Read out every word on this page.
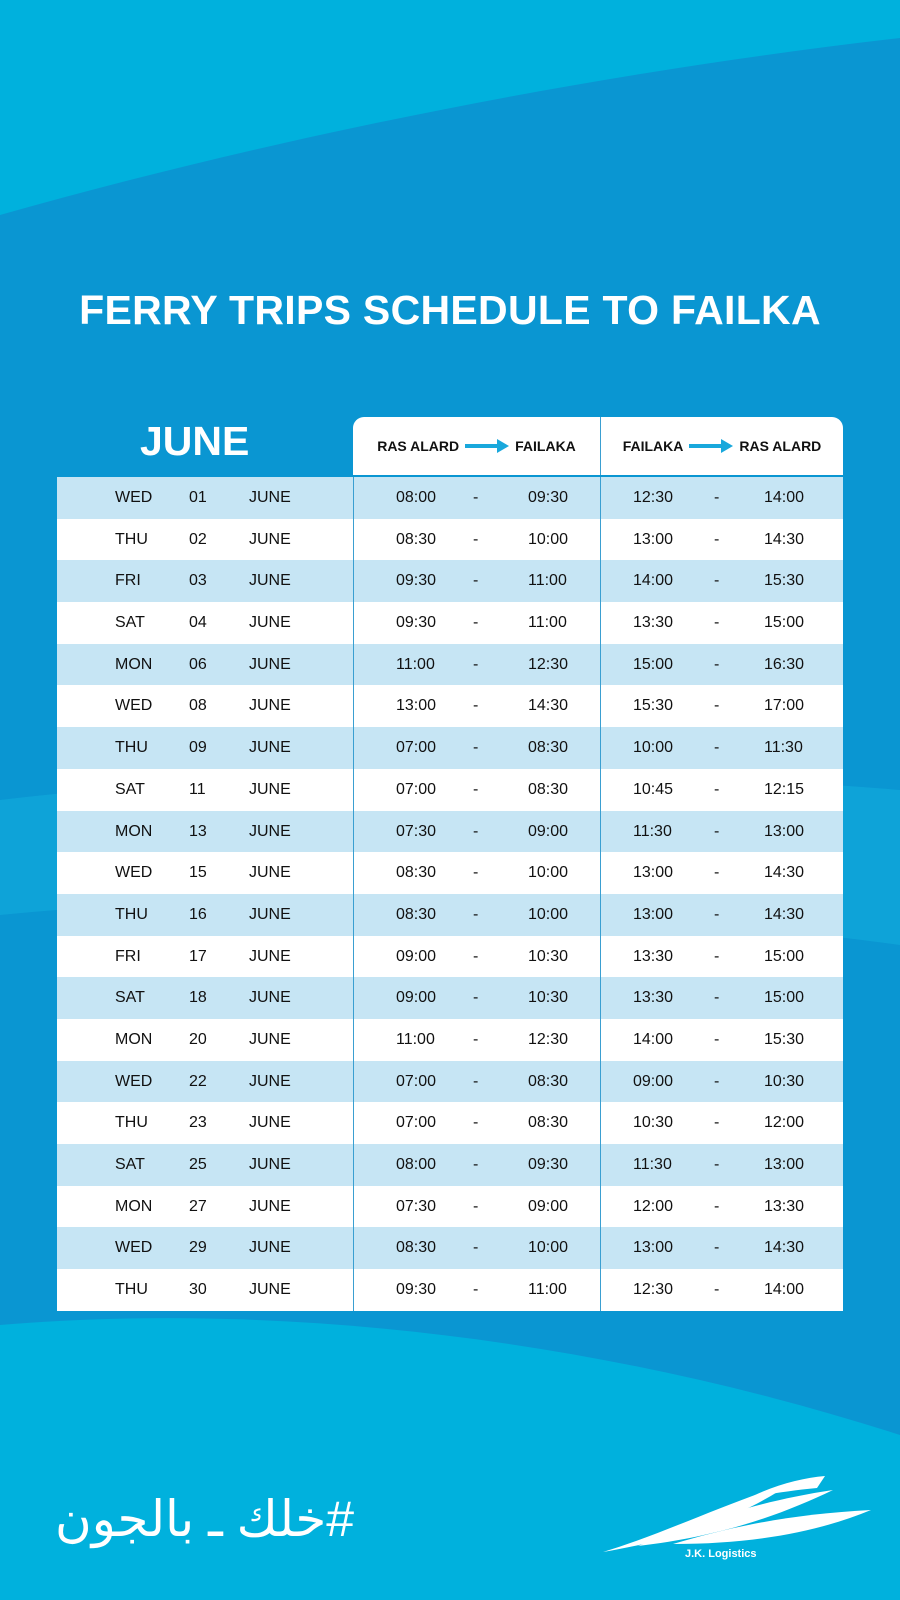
FERRY TRIPS SCHEDULE TO FAILKA
JUNE	RAS ALARD	FAILAKA	FAILAKA	RAS ALARD
WED 01	JUNE	08:00 -	09:30	12:30	-	14:00
THU	02	JUNE	08:30 -	10:00	13:00	-	14:30
FRI	03	JUNE	09:30 -	11:00	14:00	-	15:30
SAT	04	JUNE	09:30 -	11:00	13:30	-	15:00
MON 06	JUNE	11:00 -	12:30	15:00	-	16:30
WED 08	JUNE	13:00 -	14:30	15:30	-	17:00
THU	09	JUNE	07:00 -	08:30	10:00	-	11:30
SAT	11	JUNE	07:00 -	08:30	10:45	-	12:15
MON 13	JUNE	07:30 -	09:00	11:30	-	13:00
WED 15	JUNE	08:30 -	10:00	13:00	-	14:30
THU	16	JUNE	08:30 -	10:00	13:00	-	14:30
FRI	17	JUNE	09:00 -	10:30	13:30	-	15:00
SAT	18	JUNE	09:00 -	10:30	13:30	-	15:00
MON 20	JUNE	11:00 -	12:30	14:00	-	15:30
WED 22	JUNE	07:00 -	08:30	09:00	-	10:30
THU	23	JUNE	07:00 -	08:30	10:30	-	12:00
SAT	25	JUNE	08:00 -	09:30	11:30	-	13:00
MON 27	JUNE	07:30 -	09:00	12:00	-	13:30
WED 29	JUNE	08:30 -	10:00	13:00	-	14:30
THU	30	JUNE	09:30 -	11:00	12:30	-	14:00
#خلك ـ بالجون
J.K. Logistics
